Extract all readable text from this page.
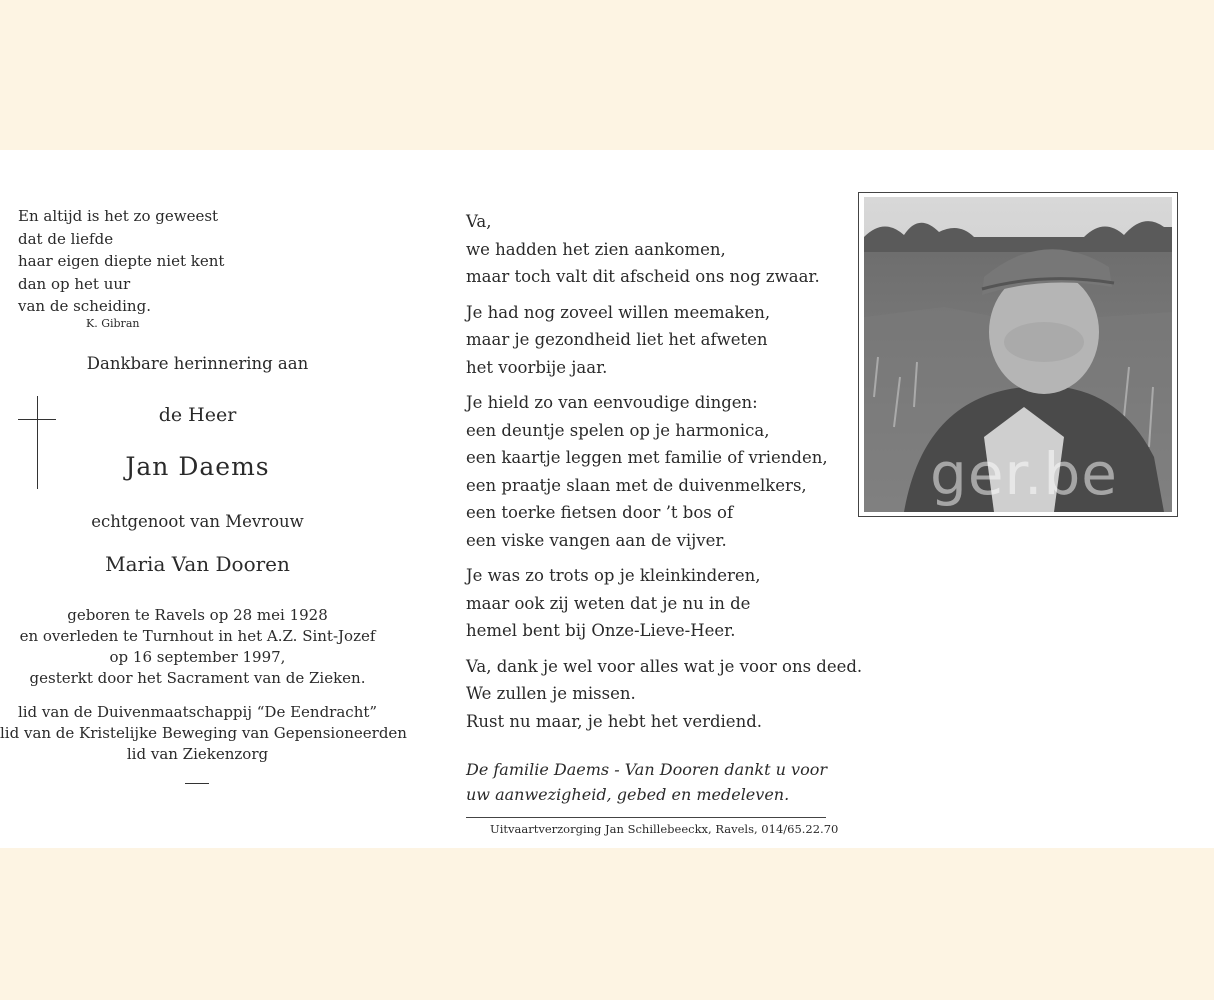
En altijd is het zo geweest
dat de liefde
haar eigen diepte niet kent
dan op het uur
van de scheiding.
K. Gibran
Dankbare herinnering aan
de Heer
Jan Daems
echtgenoot van Mevrouw
Maria Van Dooren
geboren te Ravels op 28 mei 1928
en overleden te Turnhout in het A.Z. Sint-Jozef
op 16 september 1997,
gesterkt door het Sacrament van de Zieken.
lid van de Duivenmaatschappij “De Eendracht”
lid van de Kristelijke Beweging van Gepensioneerden
lid van Ziekenzorg
Va,
we hadden het zien aankomen,
maar toch valt dit afscheid ons nog zwaar.
Je had nog zoveel willen meemaken,
maar je gezondheid liet het afweten
het voorbije jaar.
Je hield zo van eenvoudige dingen:
een deuntje spelen op je harmonica,
een kaartje leggen met familie of vrienden,
een praatje slaan met de duivenmelkers,
een toerke fietsen door ’t bos of
een viske vangen aan de vijver.
Je was zo trots op je kleinkinderen,
maar ook zij weten dat je nu in de
hemel bent bij Onze-Lieve-Heer.
Va, dank je wel voor alles wat je voor ons deed.
We zullen je missen.
Rust nu maar, je hebt het verdiend.
De familie Daems - Van Dooren dankt u voor
uw aanwezigheid, gebed en medeleven.
Uitvaartverzorging Jan Schillebeeckx, Ravels, 014/65.22.70
ger.be
